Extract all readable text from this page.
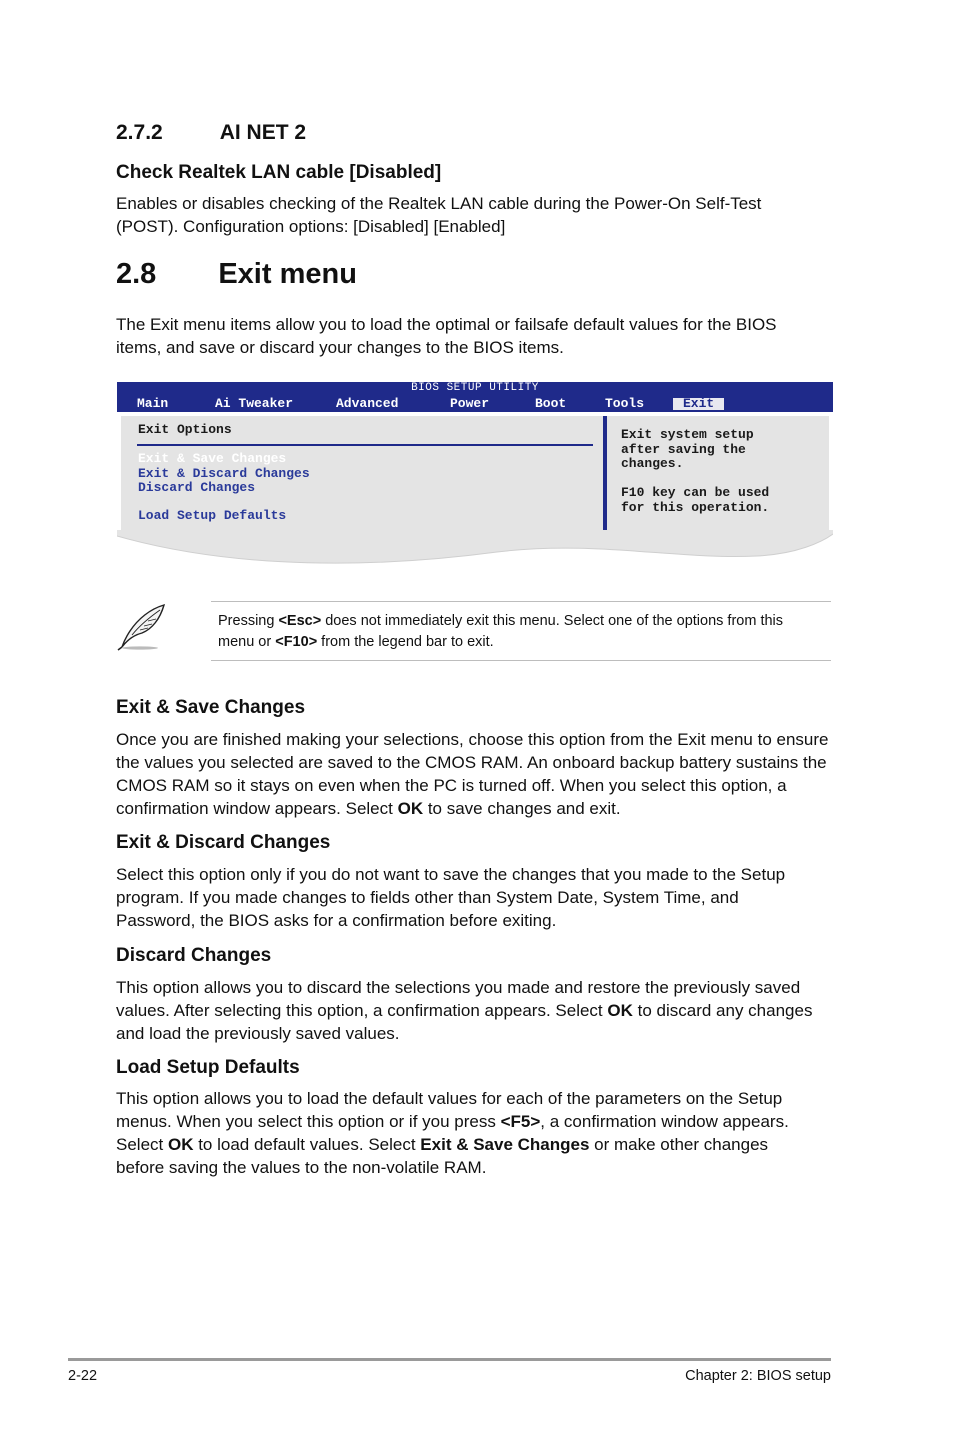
2.7.2	AI NET 2
Check Realtek LAN cable [Disabled]
Enables or disables checking of the Realtek LAN cable during the Power-On Self-Test (POST). Configuration options: [Disabled] [Enabled]
2.8 Exit menu
The Exit menu items allow you to load the optimal or failsafe default values for the BIOS items, and save or discard your changes to the BIOS items.
BIOS SETUP UTILITY
Main	Ai Tweaker	Advanced	Power	Boot	Tools	Exit
Exit Options
Exit & Save Changes
Exit & Discard Changes
Discard Changes
Load Setup Defaults
Exit system setup
after saving the
changes.

F10 key can be used
for this operation.
Pressing <Esc> does not immediately exit this menu. Select one of the options from this menu or <F10> from the legend bar to exit.
Exit & Save Changes
Once you are finished making your selections, choose this option from the Exit menu to ensure the values you selected are saved to the CMOS RAM. An onboard backup battery sustains the CMOS RAM so it stays on even when the PC is turned off. When you select this option, a confirmation window appears. Select OK to save changes and exit.
Exit & Discard Changes
Select this option only if you do not want to save the changes that you made to the Setup program. If you made changes to fields other than System Date, System Time, and Password, the BIOS asks for a confirmation before exiting.
Discard Changes
This option allows you to discard the selections you made and restore the previously saved values. After selecting this option, a confirmation appears. Select OK to discard any changes and load the previously saved values.
Load Setup Defaults
This option allows you to load the default values for each of the parameters on the Setup menus. When you select this option or if you press <F5>, a confirmation window appears. Select OK to load default values. Select Exit & Save Changes or make other changes before saving the values to the non-volatile RAM.
2-22	Chapter 2: BIOS setup
